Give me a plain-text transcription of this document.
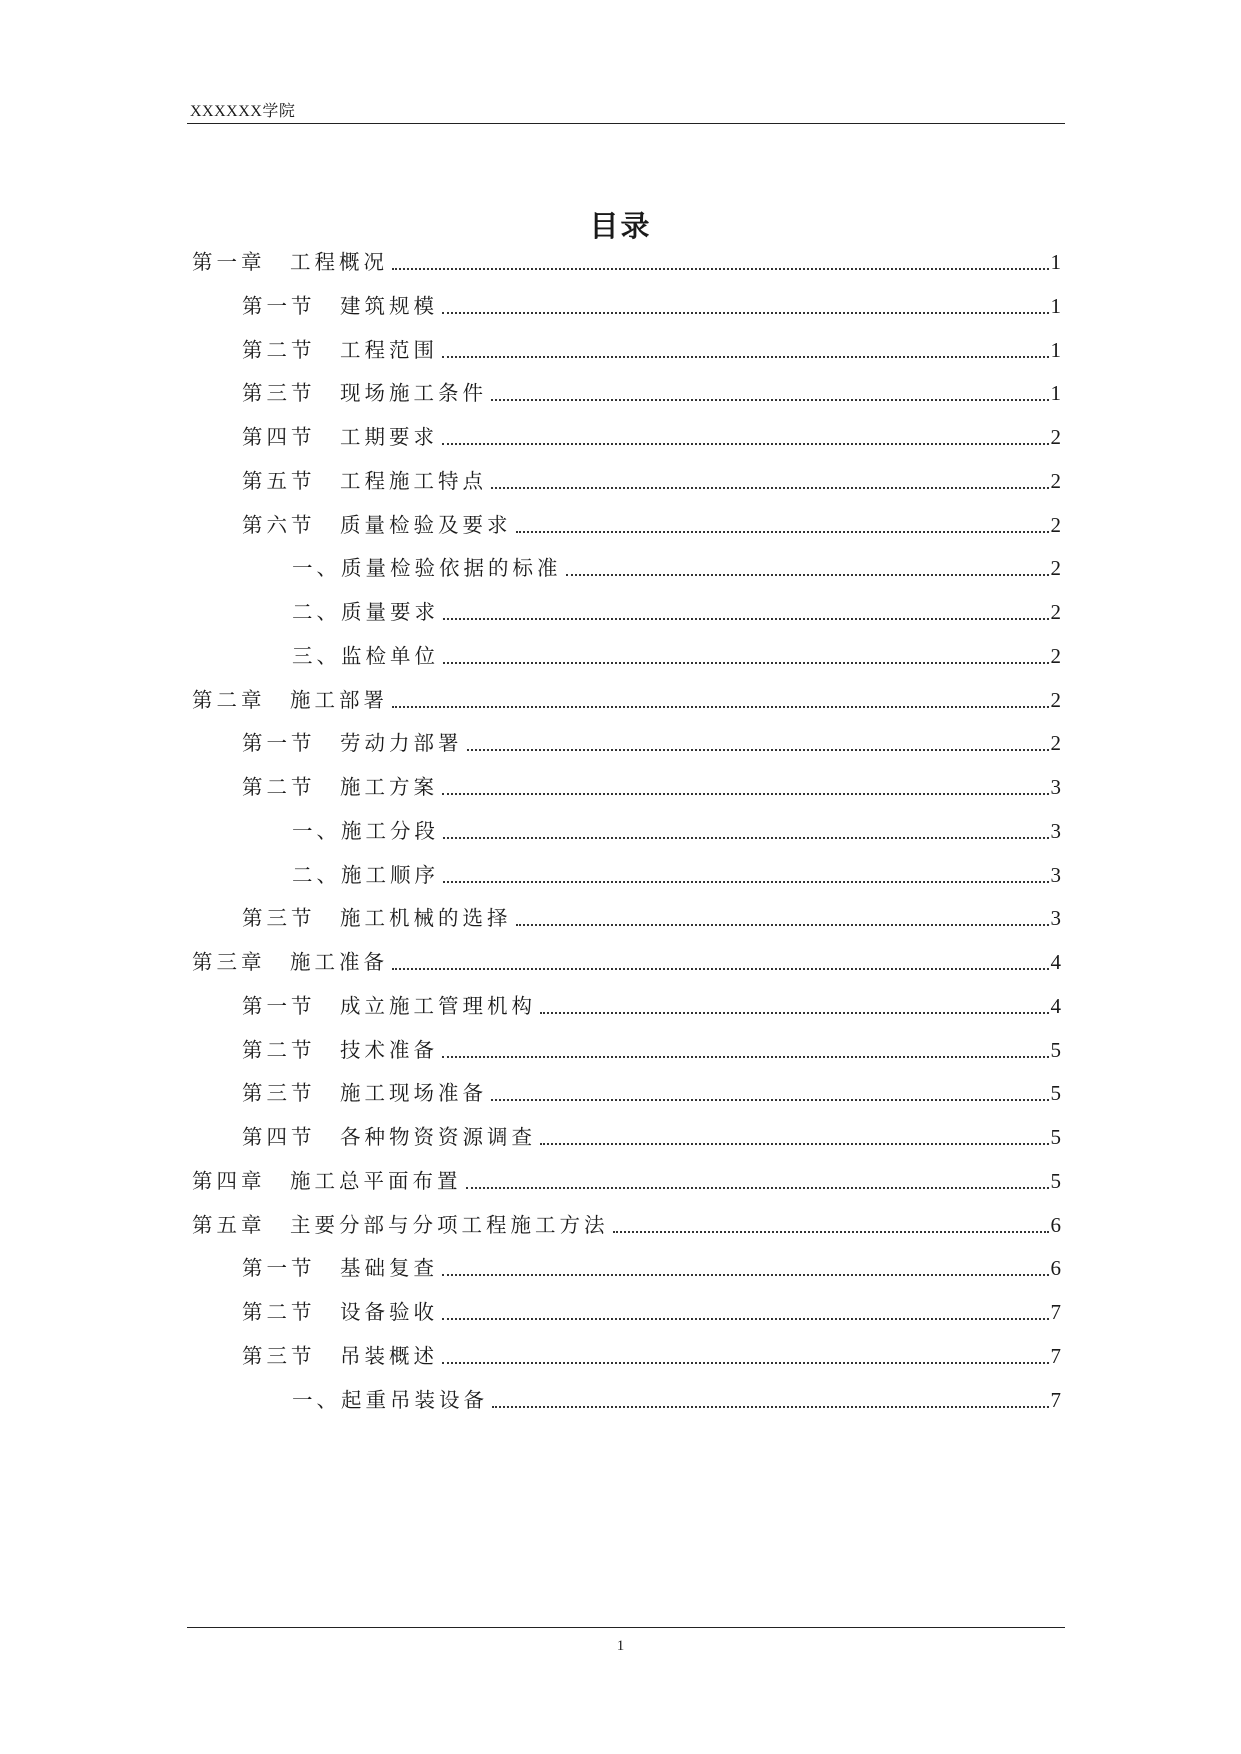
XXXXXX学院
目录
第一章　工程概况	1
第一节　建筑规模	1
第二节　工程范围	1
第三节　现场施工条件	1
第四节　工期要求	2
第五节　工程施工特点	2
第六节　质量检验及要求	2
一、质量检验依据的标准	2
二、质量要求	2
三、监检单位	2
第二章　施工部署	2
第一节　劳动力部署	2
第二节　施工方案	3
一、施工分段	3
二、施工顺序	3
第三节　施工机械的选择	3
第三章　施工准备	4
第一节　成立施工管理机构	4
第二节　技术准备	5
第三节　施工现场准备	5
第四节　各种物资资源调查	5
第四章　施工总平面布置	5
第五章　主要分部与分项工程施工方法	6
第一节　基础复查	6
第二节　设备验收	7
第三节　吊装概述	7
一、起重吊装设备	7
1
